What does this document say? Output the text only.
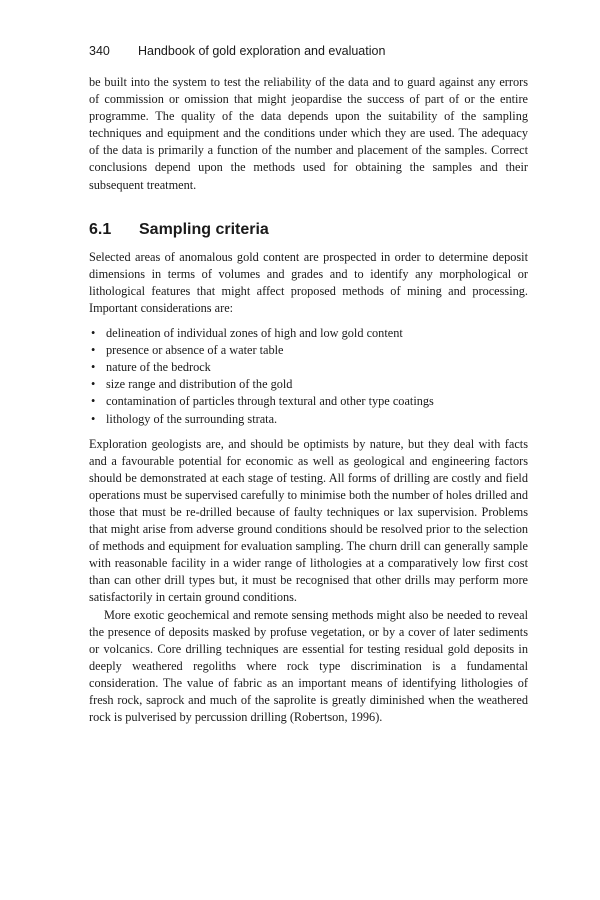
340 Handbook of gold exploration and evaluation

be built into the system to test the reliability of the data and to guard against any errors of commission or omission that might jeopardise the success of part of or the entire programme. The quality of the data depends upon the suitability of the sampling techniques and equipment and the conditions under which they are used. The adequacy of the data is primarily a function of the number and placement of the samples. Correct conclusions depend upon the methods used for obtaining the samples and their subsequent treatment.

6.1 Sampling criteria

Selected areas of anomalous gold content are prospected in order to determine deposit dimensions in terms of volumes and grades and to identify any morphological or lithological features that might affect proposed methods of mining and processing. Important considerations are:

• delineation of individual zones of high and low gold content
• presence or absence of a water table
• nature of the bedrock
• size range and distribution of the gold
• contamination of particles through textural and other type coatings
• lithology of the surrounding strata.

Exploration geologists are, and should be optimists by nature, but they deal with facts and a favourable potential for economic as well as geological and engineering factors should be demonstrated at each stage of testing. All forms of drilling are costly and field operations must be supervised carefully to minimise both the number of holes drilled and those that must be re-drilled because of faulty techniques or lax supervision. Problems that might arise from adverse ground conditions should be resolved prior to the selection of methods and equipment for evaluation sampling. The churn drill can generally sample with reasonable facility in a wider range of lithologies at a comparatively low first cost than can other drill types but, it must be recognised that other drills may perform more satisfactorily in certain ground conditions.

More exotic geochemical and remote sensing methods might also be needed to reveal the presence of deposits masked by profuse vegetation, or by a cover of later sediments or volcanics. Core drilling techniques are essential for testing residual gold deposits in deeply weathered regoliths where rock type discrimination is a fundamental consideration. The value of fabric as an important means of identifying lithologies of fresh rock, saprock and much of the saprolite is greatly diminished when the weathered rock is pulverised by percussion drilling (Robertson, 1996).
